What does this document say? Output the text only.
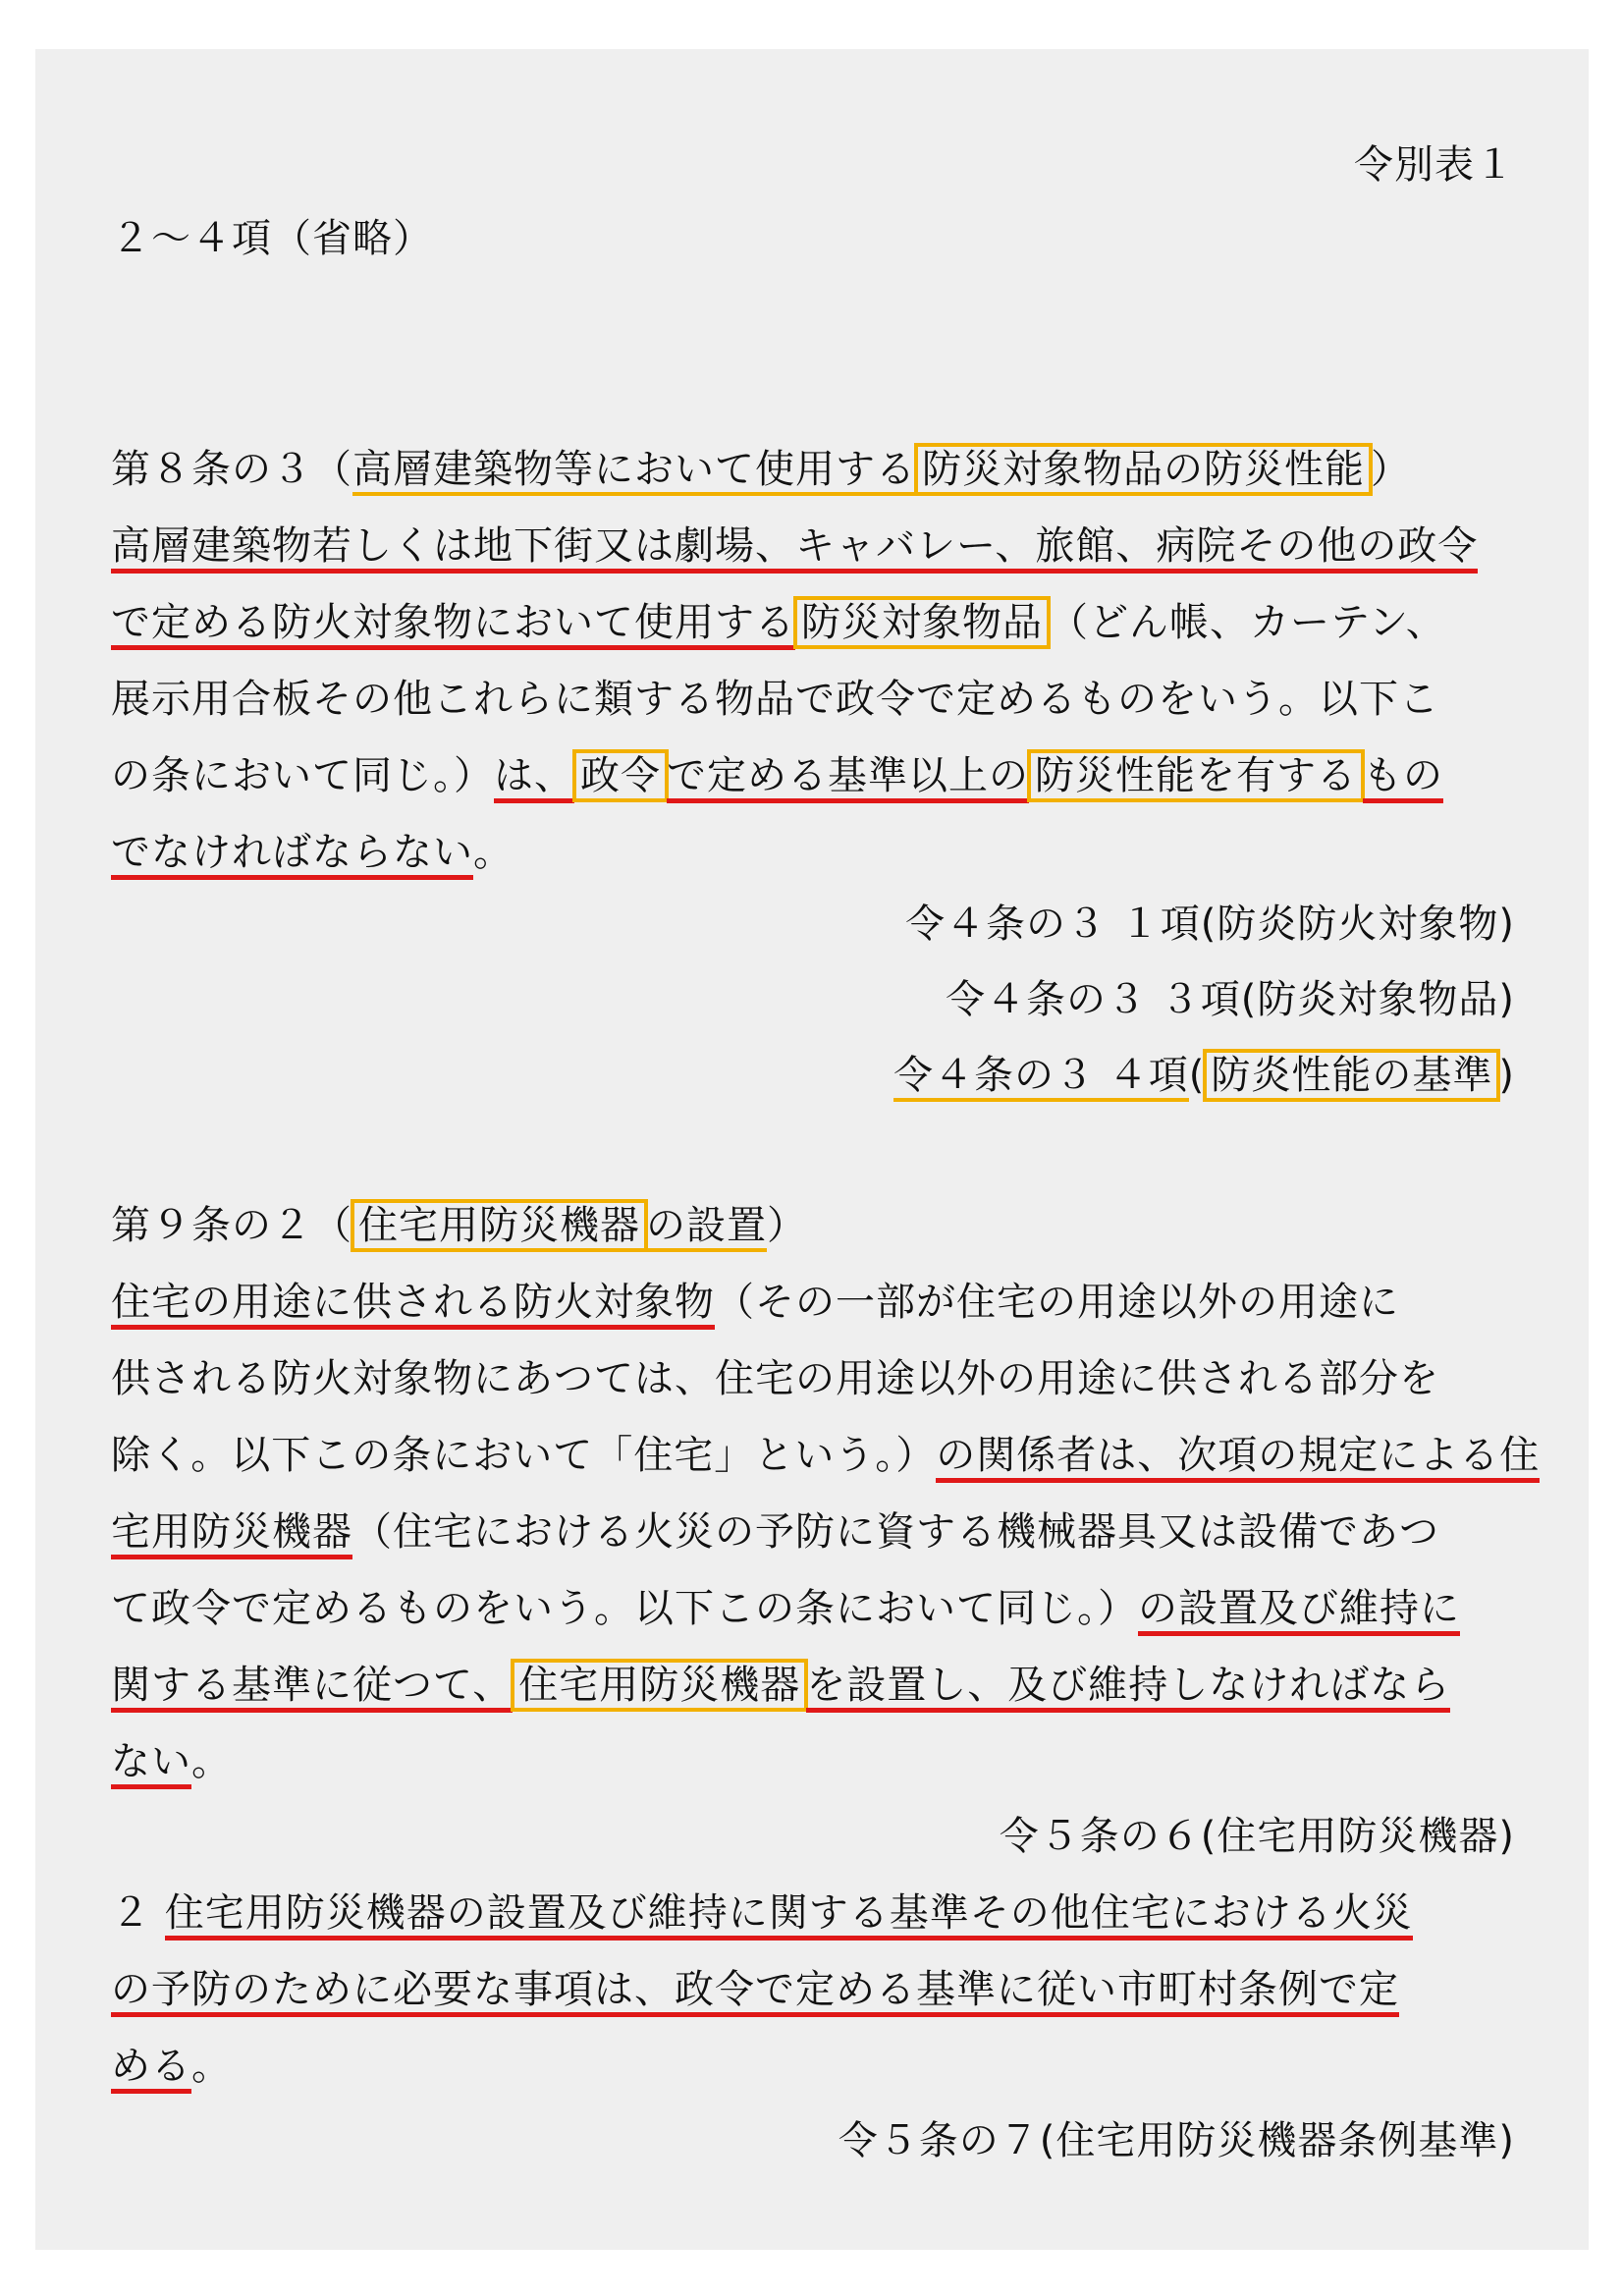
令別表１
２～４項（省略）
第８条の３（高層建築物等において使用する 防災対象物品の防災性能 ）
高層建築物若しくは地下街又は劇場、キャバレー、旅館、病院その他の政令
で定める防火対象物において使用する 防災対象物品 （どん帳、カーテン、
展示用合板その他これらに類する物品で政令で定めるものをいう。以下こ
の条において同じ。）は、 政令 で定める基準以上の 防災性能を有する もの
でなければならない。
令４条の３ １項(防炎防火対象物)
令４条の３ ３項(防炎対象物品)
令４条の３ ４項( 防炎性能の基準 )
第９条の２（ 住宅用防災機器 の設置）
住宅の用途に供される防火対象物（その一部が住宅の用途以外の用途に
供される防火対象物にあつては、住宅の用途以外の用途に供される部分を
除く。以下この条において「住宅」という。）の関係者は、次項の規定による住
宅用防災機器（住宅における火災の予防に資する機械器具又は設備であつ
て政令で定めるものをいう。以下この条において同じ。）の設置及び維持に
関する基準に従つて、 住宅用防災機器 を設置し、及び維持しなければなら
ない。
令５条の６(住宅用防災機器)
２ 住宅用防災機器の設置及び維持に関する基準その他住宅における火災
の予防のために必要な事項は、政令で定める基準に従い市町村条例で定
める。
令５条の７(住宅用防災機器条例基準)
